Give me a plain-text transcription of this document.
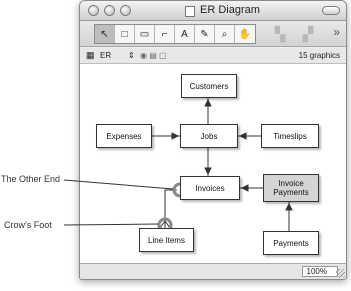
The Other End
Crow's Foot
ER Diagram
↖ □ ▭ ⌐ A ✎ ⌕ ✋	▚	▞	»
▦ ER ⇕ ◉ ▤ ▢	15 graphics
Customers
Expenses	Jobs	Timeslips
Invoices	Invoice Payments
Line Items	Payments
100%
